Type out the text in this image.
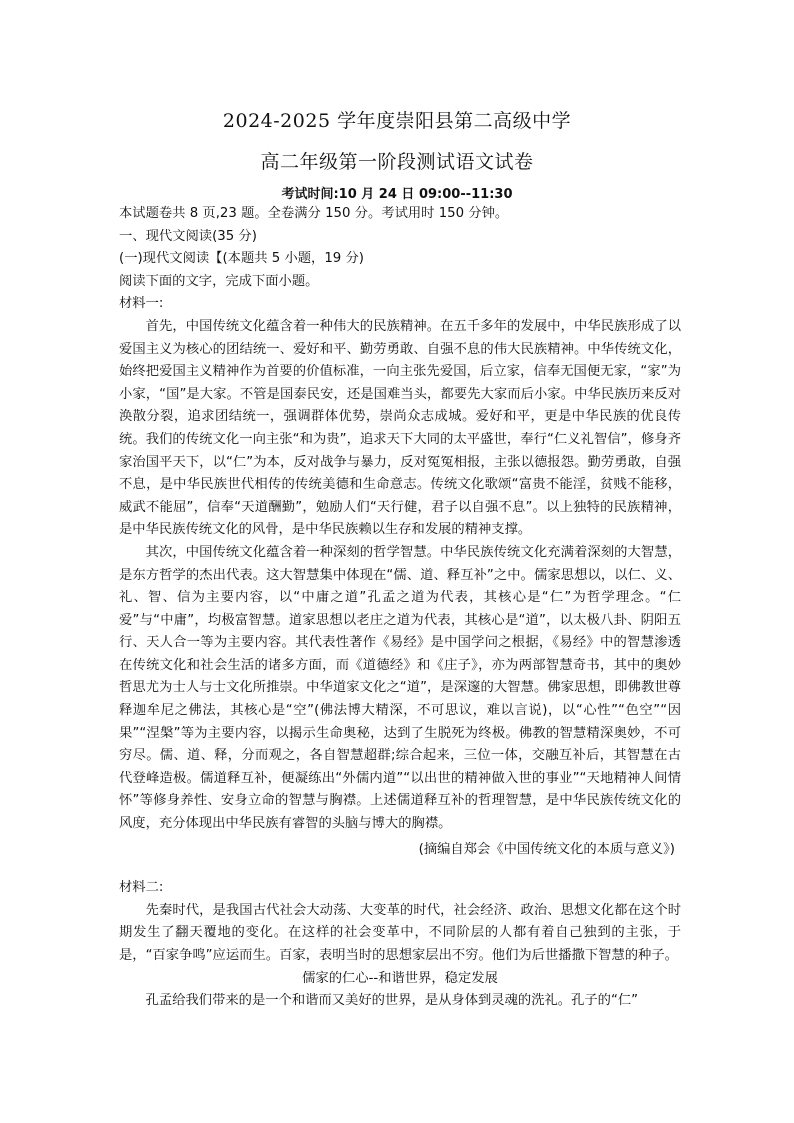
2024-2025 学年度崇阳县第二高级中学
高二年级第一阶段测试语文试卷
考试时间:10 月 24 日 09:00--11:30

本试题卷共 8 页,23 题。全卷满分 150 分。考试用时 150 分钟。

一、现代文阅读(35 分)

(一)现代文阅读【(本题共 5 小题，19 分)

阅读下面的文字，完成下面小题。

材料一:

首先，中国传统文化蕴含着一种伟大的民族精神。在五千多年的发展中，中华民族形成了以爱国主义为核心的团结统一、爱好和平、勤劳勇敢、自强不息的伟大民族精神。中华传统文化，始终把爱国主义精神作为首要的价值标准，一向主张先爱国，后立家，信奉无国便无家，“家”为小家，“国”是大家。不管是国泰民安，还是国难当头，都要先大家而后小家。中华民族历来反对涣散分裂，追求团结统一，强调群体优势，崇尚众志成城。爱好和平，更是中华民族的优良传统。我们的传统文化一向主张“和为贵”，追求天下大同的太平盛世，奉行“仁义礼智信”，修身齐家治国平天下，以“仁”为本，反对战争与暴力，反对冤冤相报，主张以德报怨。勤劳勇敢，自强不息，是中华民族世代相传的传统美德和生命意志。传统文化歌颂“富贵不能淫，贫贱不能移，威武不能屈”，信奉“天道酬勤”，勉励人们“天行健，君子以自强不息”。以上独特的民族精神，是中华民族传统文化的风骨，是中华民族赖以生存和发展的精神支撑。

其次，中国传统文化蕴含着一种深刻的哲学智慧。中华民族传统文化充满着深刻的大智慧，是东方哲学的杰出代表。这大智慧集中体现在“儒、道、释互补”之中。儒家思想以，以仁、义、礼、智、信为主要内容，以“中庸之道”孔孟之道为代表，其核心是“仁”为哲学理念。“仁爱”与“中庸”，均极富智慧。道家思想以老庄之道为代表，其核心是“道”，以太极八卦、阴阳五行、天人合一等为主要内容。其代表性著作《易经》是中国学问之根据，《易经》中的智慧渗透在传统文化和社会生活的诸多方面，而《道德经》和《庄子》，亦为两部智慧奇书，其中的奥妙哲思尤为士人与士文化所推崇。中华道家文化之“道”，是深邃的大智慧。佛家思想，即佛教世尊释迦牟尼之佛法，其核心是“空”(佛法博大精深，不可思议，难以言说)，以“心性”“色空”“因果”“涅槃”等为主要内容，以揭示生命奥秘，达到了生脱死为终极。佛教的智慧精深奥妙，不可穷尽。儒、道、释，分而观之，各自智慧超群;综合起来，三位一体，交融互补后，其智慧在古代登峰造极。儒道释互补，便凝练出“外儒内道”“以出世的精神做入世的事业”“天地精神人间情怀”等修身养性、安身立命的智慧与胸襟。上述儒道释互补的哲理智慧，是中华民族传统文化的风度，充分体现出中华民族有睿智的头脑与博大的胸襟。

(摘编自郑会《中国传统文化的本质与意义》)

材料二:

先秦时代，是我国古代社会大动荡、大变革的时代，社会经济、政治、思想文化都在这个时期发生了翻天覆地的变化。在这样的社会变革中，不同阶层的人都有着自己独到的主张，于是，“百家争鸣”应运而生。百家，表明当时的思想家层出不穷。他们为后世播撒下智慧的种子。

儒家的仁心--和谐世界，稳定发展

孔孟给我们带来的是一个和谐而又美好的世界，是从身体到灵魂的洗礼。孔子的“仁”
